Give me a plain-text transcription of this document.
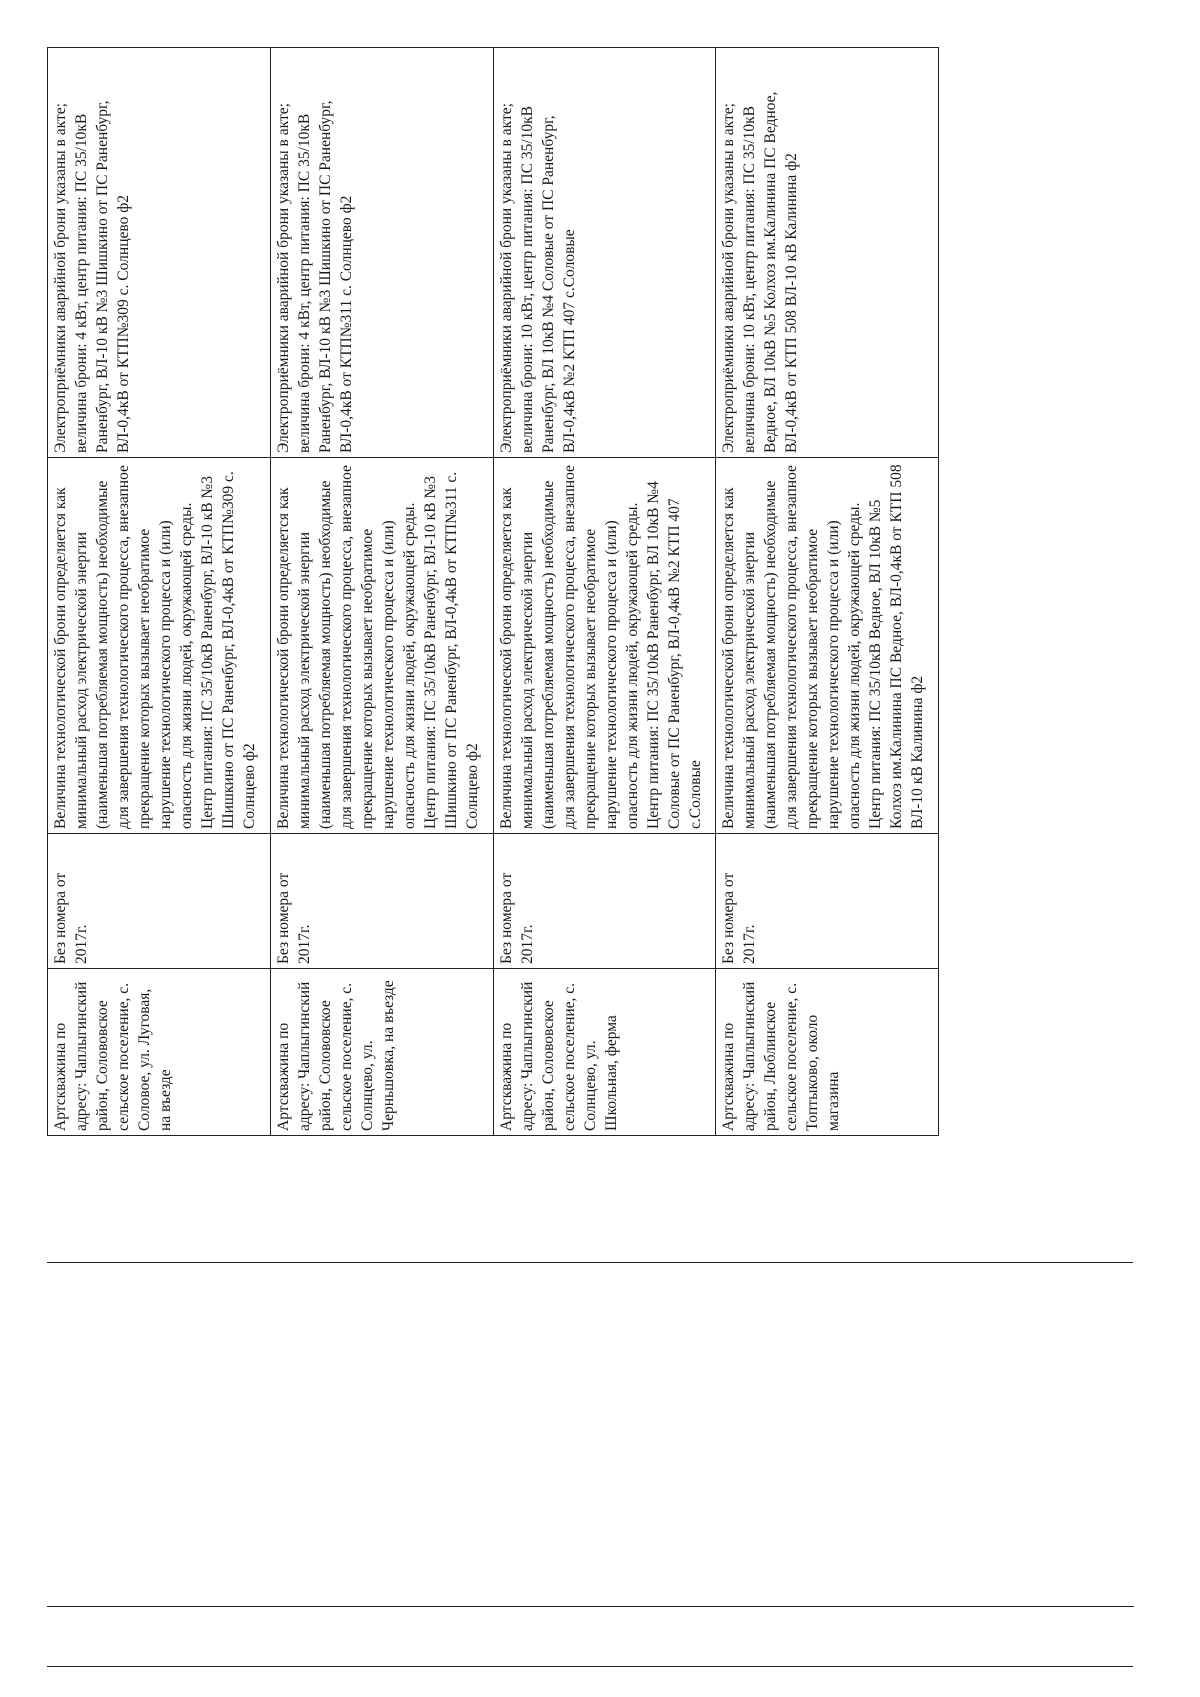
Артскважина по адресу: Чаплыгинский район, Солововское сельское поселение, с. Соловое, ул. Луговая, на въезде	Без номера от 2017г.	Величина технологической брони определяется как минимальный расход электрической энергии (наименьшая потребляемая мощность) необходимые для завершения технологического процесса, внезапное прекращение которых вызывает необратимое нарушение технологического процесса и (или) опасность для жизни людей, окружающей среды. Центр питания: ПС 35/10кВ Раненбург, ВЛ-10 кВ №3 Шишкино от ПС Раненбург, ВЛ-0,4кВ от КТП№309 с. Солнцево ф2	Электроприёмники аварийной брони указаны в акте; величина брони: 4 кВт, центр питания: ПС 35/10кВ Раненбург, ВЛ-10 кВ №3 Шишкино от ПС Раненбург, ВЛ-0,4кВ от КТП№309 с. Солнцево ф2
Артскважина по адресу: Чаплыгинский район, Солововское сельское поселение, с. Солнцево, ул. Черньшовка, на въезде	Без номера от 2017г.	Величина технологической брони определяется как минимальный расход электрической энергии (наименьшая потребляемая мощность) необходимые для завершения технологического процесса, внезапное прекращение которых вызывает необратимое нарушение технологического процесса и (или) опасность для жизни людей, окружающей среды. Центр питания: ПС 35/10кВ Раненбург, ВЛ-10 кВ №3 Шишкино от ПС Раненбург, ВЛ-0,4кВ от КТП№311 с. Солнцево ф2	Электроприёмники аварийной брони указаны в акте; величина брони: 4 кВт, центр питания: ПС 35/10кВ Раненбург, ВЛ-10 кВ №3 Шишкино от ПС Раненбург, ВЛ-0,4кВ от КТП№311 с. Солнцево ф2
Артскважина по адресу: Чаплыгинский район, Солововское сельское поселение, с. Солнцево, ул. Школьная, ферма	Без номера от 2017г.	Величина технологической брони определяется как минимальный расход электрической энергии (наименьшая потребляемая мощность) необходимые для завершения технологического процесса, внезапное прекращение которых вызывает необратимое нарушение технологического процесса и (или) опасность для жизни людей, окружающей среды. Центр питания: ПС 35/10кВ Раненбург, ВЛ 10кВ №4 Соловые от ПС Раненбург, ВЛ-0,4кВ №2 КТП 407 с.Соловые	Электроприёмники аварийной брони указаны в акте; величина брони: 10 кВт, центр питания: ПС 35/10кВ Раненбург, ВЛ 10кВ №4 Соловые от ПС Раненбург, ВЛ-0,4кВ №2 КТП 407 с.Соловые
Артскважина по адресу: Чаплыгинский район, Люблинское сельское поселение, с. Топтыково, около магазина	Без номера от 2017г.	Величина технологической брони определяется как минимальный расход электрической энергии (наименьшая потребляемая мощность) необходимые для завершения технологического процесса, внезапное прекращение которых вызывает необратимое нарушение технологического процесса и (или) опасность для жизни людей, окружающей среды. Центр питания: ПС 35/10кВ Ведное, ВЛ 10кВ №5 Колхоз им.Калинина ПС Ведное, ВЛ-0,4кВ от КТП 508 ВЛ-10 кВ Калинина ф2	Электроприёмники аварийной брони указаны в акте; величина брони: 10 кВт, центр питания: ПС 35/10кВ Ведное, ВЛ 10кВ №5 Колхоз им.Калинина ПС Ведное, ВЛ-0,4кВ от КТП 508 ВЛ-10 кВ Калинина ф2
